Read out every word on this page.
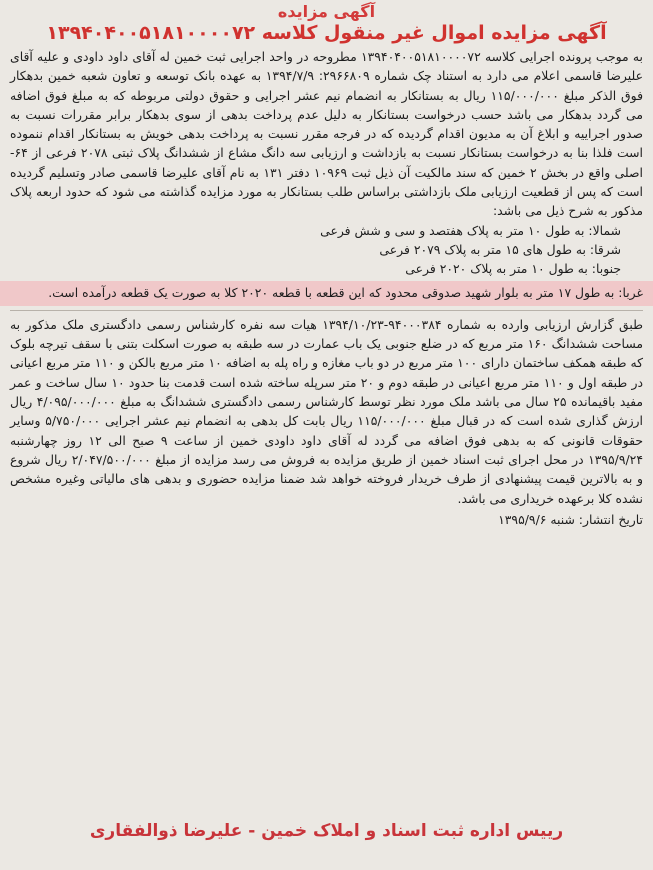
آگهی مزایده
آگهی مزایده اموال غیر منقول کلاسه ۱۳۹۴۰۴۰۰۵۱۸۱۰۰۰۰۷۲

به موجب پرونده اجرایی کلاسه ۱۳۹۴۰۴۰۰۵۱۸۱۰۰۰۰۷۲ مطروحه در واحد اجرایی ثبت خمین له آقای داود داودی و علیه آقای علیرضا قاسمی اعلام می دارد به استناد چک شماره ۲۹۶۶۸۰۹: ۱۳۹۴/۷/۹ به عهده بانک توسعه و تعاون شعبه خمین بدهکار فوق الذکر مبلغ ۱۱۵/۰۰۰/۰۰۰ ریال به بستانکار به انضمام نیم عشر اجرایی و حقوق دولتی مربوطه که به مبلغ فوق اضافه می گردد بدهکار می باشد حسب درخواست بستانکار به دلیل عدم پرداخت بدهی از سوی بدهکار برابر مقررات نسبت به صدور اجراییه و ابلاغ آن به مدیون اقدام گردیده که در فرجه مقرر نسبت به پرداخت بدهی خویش به بستانکار اقدام ننموده است فلذا بنا به درخواست بستانکار نسبت به بازداشت و ارزیابی سه دانگ مشاع از ششدانگ پلاک ثبتی ۲۰۷۸ فرعی از ۶۴- اصلی واقع در بخش ۲ خمین که سند مالکیت آن ذیل ثبت ۱۰۹۶۹ دفتر ۱۳۱ به نام آقای علیرضا قاسمی صادر وتسلیم گردیده است که پس از قطعیت ارزیابی ملک بازداشتی براساس طلب بستانکار به مورد مزایده گذاشته می شود که حدود اربعه پلاک مذکور به شرح ذیل می باشد:

شمالا: به طول ۱۰ متر به پلاک هفتصد و سی و شش فرعی

شرقا: به طول های ۱۵ متر به پلاک ۲۰۷۹ فرعی

جنوبا: به طول ۱۰ متر به پلاک ۲۰۲۰ فرعی

غربا: به طول ۱۷ متر به بلوار شهید صدوقی محدود که این قطعه با قطعه ۲۰۲۰ کلا به صورت یک قطعه درآمده است.

طبق گزارش ارزیابی وارده به شماره ۹۴۰۰۰۳۸۴-۱۳۹۴/۱۰/۲۳ هیات سه نفره کارشناس رسمی دادگستری ملک مذکور به مساحت ششدانگ ۱۶۰ متر مربع که در ضلع جنوبی یک باب عمارت در سه طبقه به صورت اسکلت بتنی با سقف تیرچه بلوک که طبقه همکف ساختمان دارای ۱۰۰ متر مربع در دو باب مغازه و راه پله به اضافه ۱۰ متر مربع بالکن و ۱۱۰ متر مربع اعیانی در طبقه اول و ۱۱۰ متر مربع اعیانی در طبقه دوم و ۲۰ متر سرپله ساخته شده است قدمت بنا حدود ۱۰ سال ساخت و عمر مفید باقیمانده ۲۵ سال می باشد ملک مورد نظر توسط کارشناس رسمی دادگستری ششدانگ به مبلغ ۴/۰۹۵/۰۰۰/۰۰۰ ریال ارزش گذاری شده است که در قبال مبلغ ۱۱۵/۰۰۰/۰۰۰ ریال بابت کل بدهی به انضمام نیم عشر اجرایی ۵/۷۵۰/۰۰۰ وسایر حقوقات قانونی که به بدهی فوق اضافه می گردد له آقای داود داودی خمین از ساعت ۹ صبح الی ۱۲ روز چهارشنبه ۱۳۹۵/۹/۲۴ در محل اجرای ثبت اسناد خمین از طریق مزایده به فروش می رسد مزایده از مبلغ ۲/۰۴۷/۵۰۰/۰۰۰ ریال شروع و به بالاترین قیمت پیشنهادی از طرف خریدار فروخته خواهد شد ضمنا مزایده حضوری و بدهی های مالیاتی وغیره مشخص نشده کلا برعهده خریداری می باشد.

تاریخ انتشار: شنبه ۱۳۹۵/۹/۶

رییس اداره ثبت اسناد و املاک خمین - علیرضا ذوالفقاری
